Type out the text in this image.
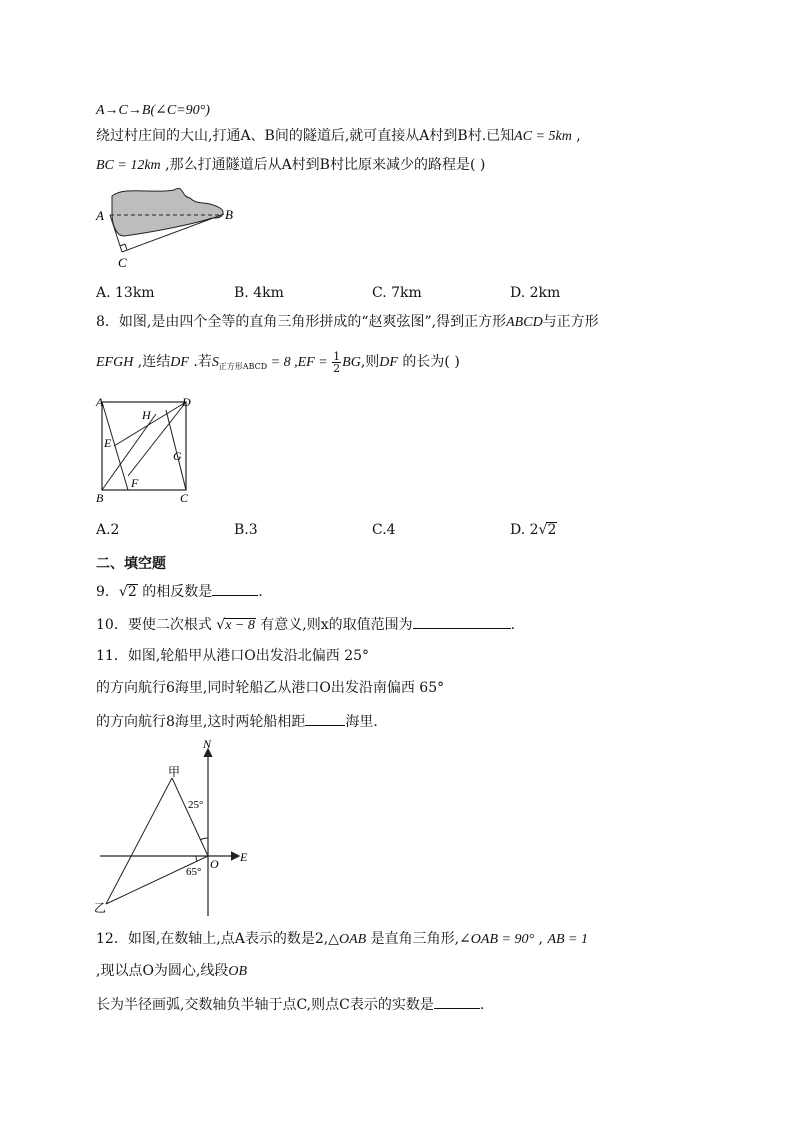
A→C→B(∠C=90°)
绕过村庄间的大山,打通A、B间的隧道后,就可直接从A村到B村.已知AC = 5km ,
BC = 12km ,那么打通隧道后从A村到B村比原来减少的路程是( )
A	B
C
A. 13km	B. 4km	C. 7km	D. 2km
8．如图,是由四个全等的直角三角形拼成的“赵爽弦图”,得到正方形ABCD与正方形
EFGH ,连结DF .若$S_{正方形ABCD} = 8$ $,EF = \frac{1}{2}$ BG,则DF 的长为( )
A	D
B	C
H
E
G
F
A.2	B.3	C.4	D. 2√2
二、填空题
9．√2 的相反数是	.
10．要使二次根式 √x − 8 有意义,则x的取值范围为	.
11．如图,轮船甲从港口O出发沿北偏西 25°
的方向航行6海里,同时轮船乙从港口O出发沿南偏西 65°
的方向航行8海里,这时两轮船相距	海里.
N
E
O
甲
乙
25°
65°
12．如图,在数轴上,点A表示的数是2,△OAB 是直角三角形,∠OAB = 90° , AB = 1
,现以点O为圆心,线段OB
长为半径画弧,交数轴负半轴于点C,则点C表示的实数是	.
